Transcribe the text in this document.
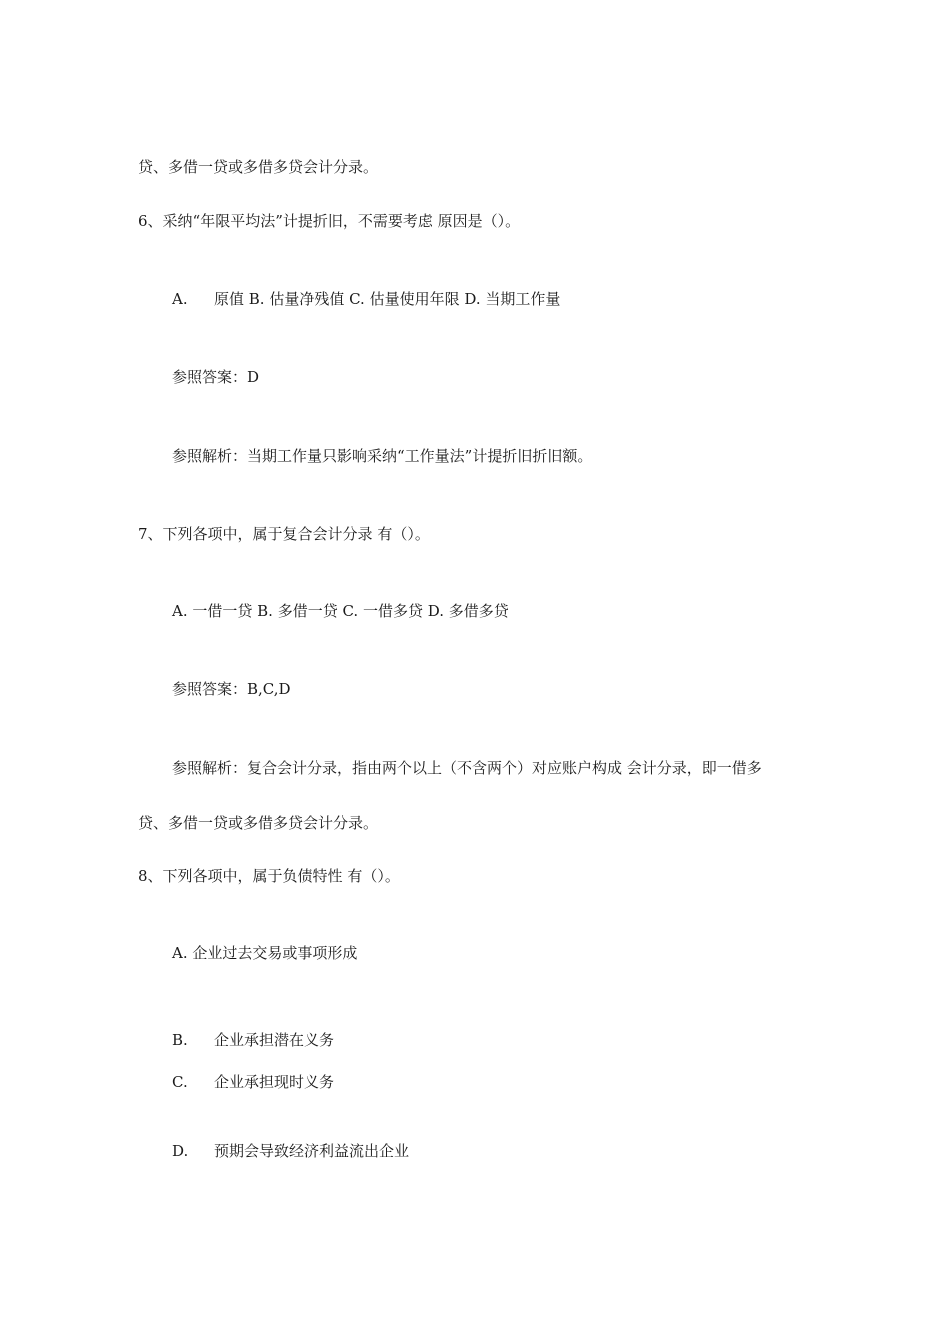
贷、多借一贷或多借多贷会计分录。
6、采纳“年限平均法”计提折旧，不需要考虑 原因是（）。
A. 原值 B. 估量净残值 C. 估量使用年限 D. 当期工作量
参照答案：D
参照解析：当期工作量只影响采纳“工作量法”计提折旧折旧额。
7、下列各项中，属于复合会计分录 有（）。
A. 一借一贷 B. 多借一贷 C. 一借多贷 D. 多借多贷
参照答案：B,C,D
参照解析：复合会计分录，指由两个以上（不含两个）对应账户构成 会计分录，即一借多
贷、多借一贷或多借多贷会计分录。
8、下列各项中，属于负债特性 有（）。
A. 企业过去交易或事项形成
B. 企业承担潜在义务
C. 企业承担现时义务
D. 预期会导致经济利益流出企业
